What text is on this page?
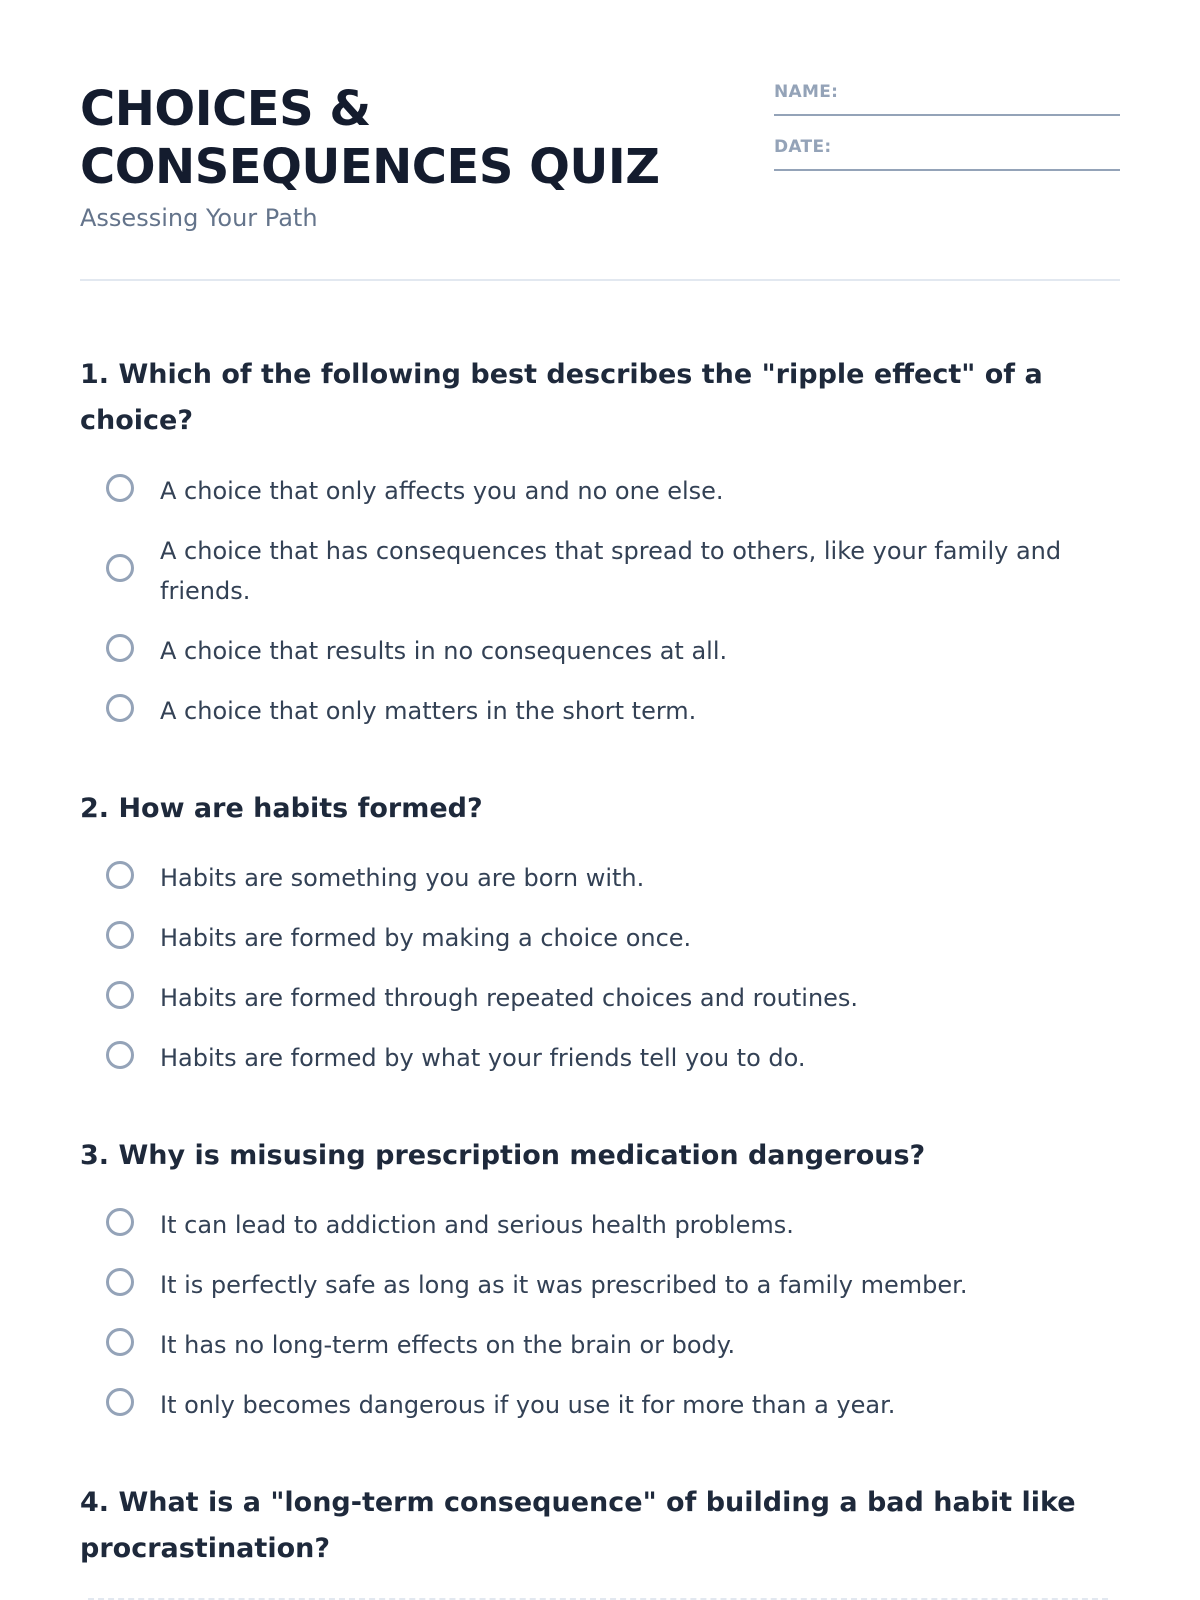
CHOICES &
CONSEQUENCES QUIZ
Assessing Your Path
NAME:
DATE:
1. Which of the following best describes the "ripple effect" of a
choice?
A choice that only affects you and no one else.
A choice that has consequences that spread to others, like your family and
friends.
A choice that results in no consequences at all.
A choice that only matters in the short term.
2. How are habits formed?
Habits are something you are born with.
Habits are formed by making a choice once.
Habits are formed through repeated choices and routines.
Habits are formed by what your friends tell you to do.
3. Why is misusing prescription medication dangerous?
It can lead to addiction and serious health problems.
It is perfectly safe as long as it was prescribed to a family member.
It has no long-term effects on the brain or body.
It only becomes dangerous if you use it for more than a year.
4. What is a "long-term consequence" of building a bad habit like
procrastination?
